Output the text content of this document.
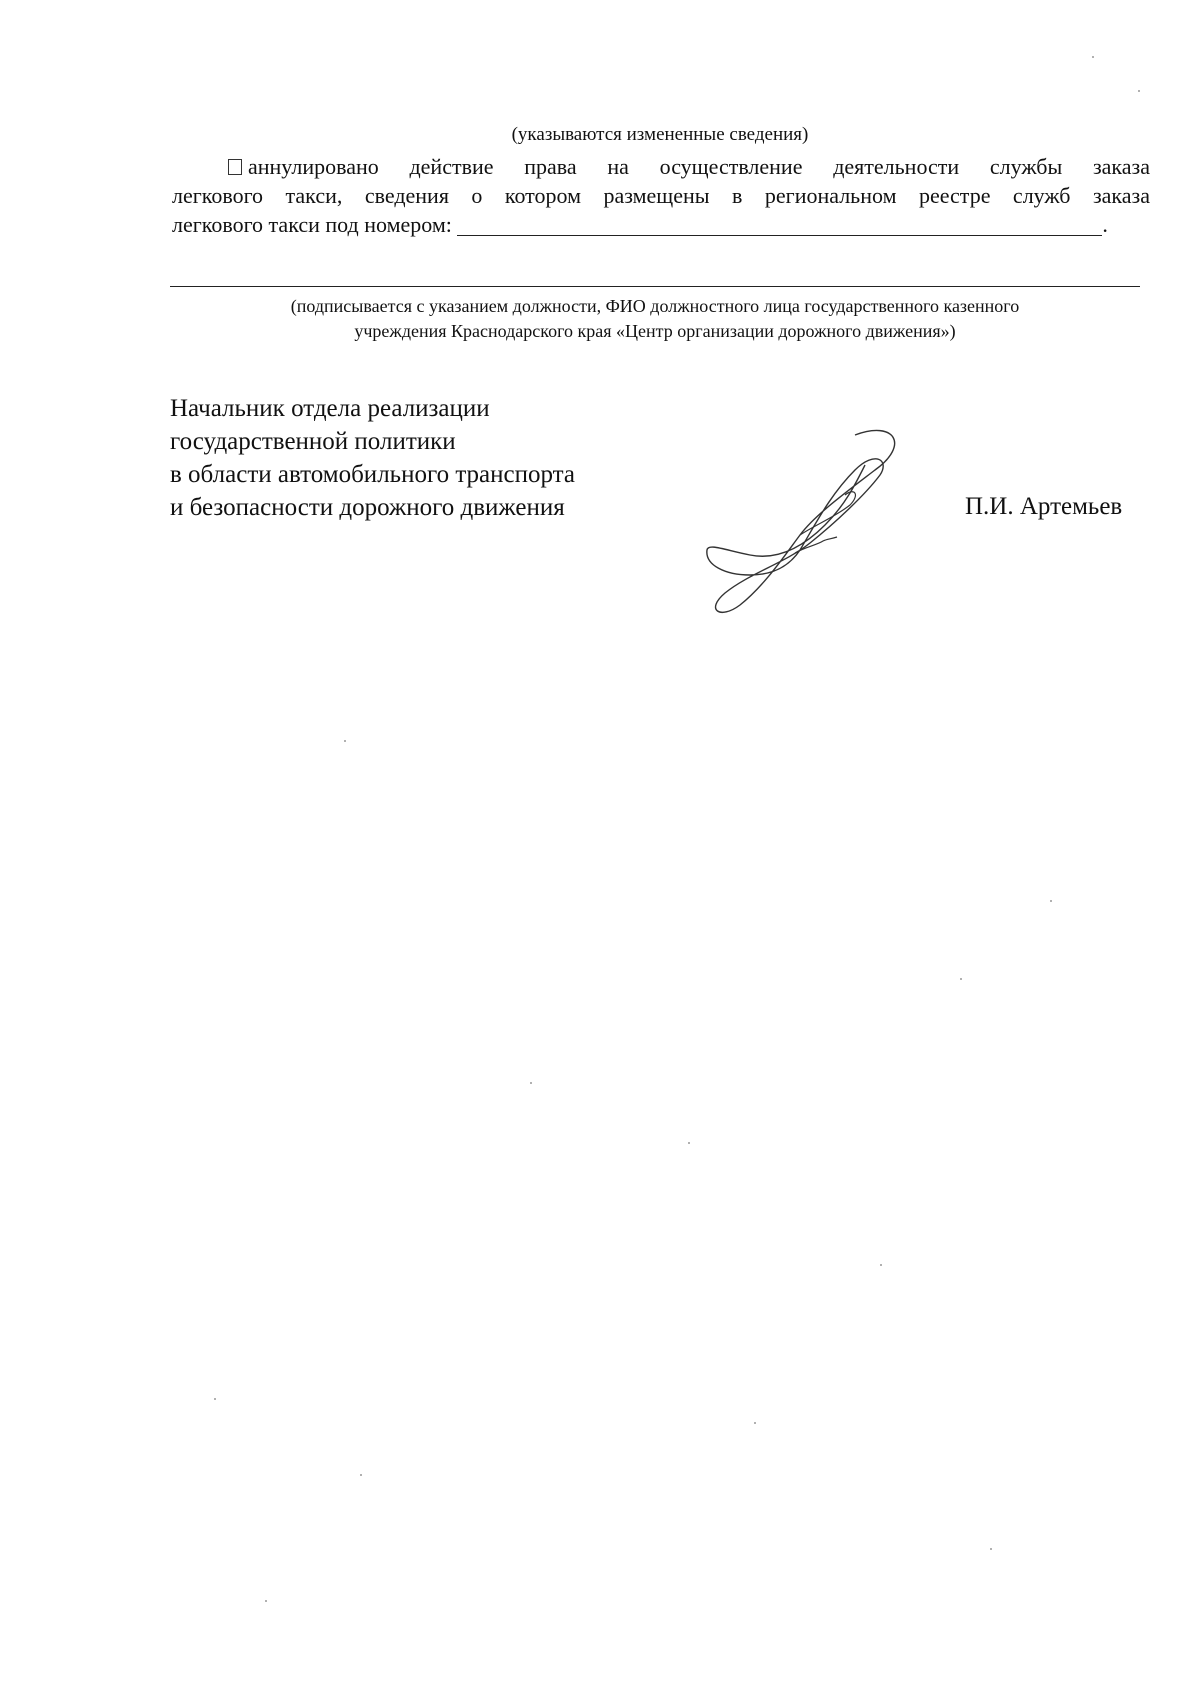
(указываются измененные сведения)
аннулировано действие права на осуществление деятельности службы заказа
легкового такси, сведения о котором размещены в региональном реестре служб заказа
легкового такси под номером:	.
(подписывается с указанием должности, ФИО должностного лица государственного казенного
учреждения Краснодарского края «Центр организации дорожного движения»)
Начальник отдела реализации
государственной политики
в области автомобильного транспорта
и безопасности дорожного движения	П.И. Артемьев
